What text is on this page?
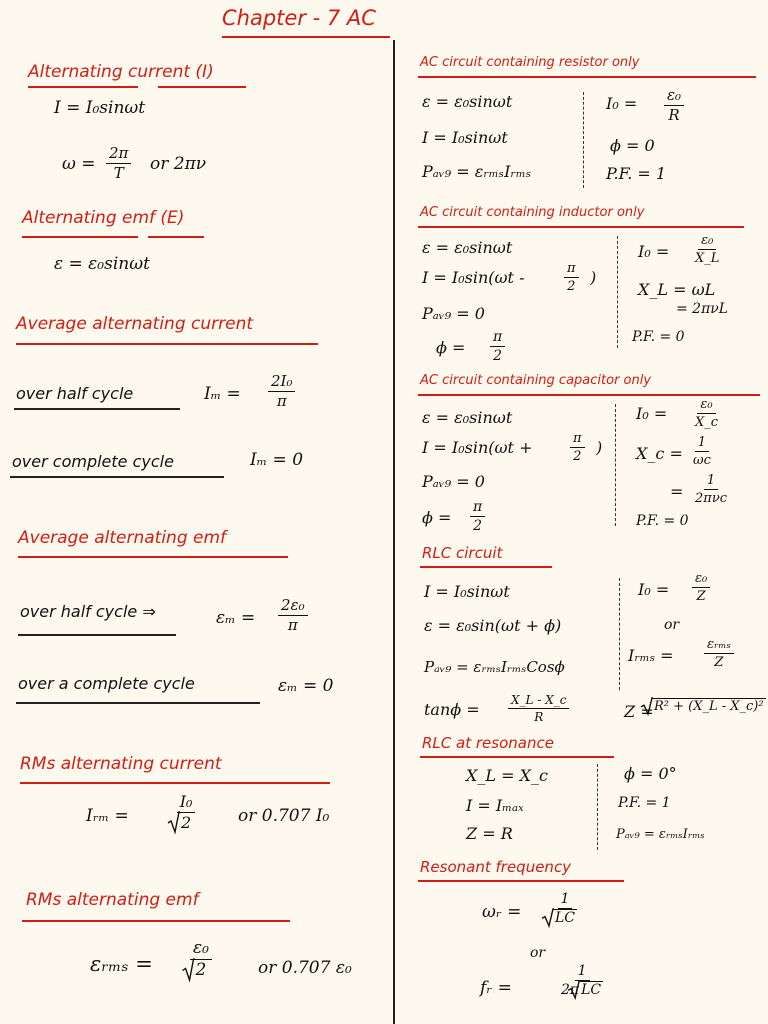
Chapter - 7 AC
Alternating current (I)
I = I₀sinωt
$\omega = \frac{2\pi}{T}$ or 2πν
Alternating emf (E)
ε = ε₀sinωt
Average alternating current
over half cycle	$I_m = \frac{\text{2I₀}}{\pi}$
over complete cycle	Iₘ = 0
Average alternating emf
over half cycle ⇒	$\varepsilon_m = \frac{\text{2ε₀}}{\pi}$
over a complete cycle	εₘ = 0
RMs alternating current
Iᵣₘ =	$\frac{\text{I₀}}{2}$ or 0.707 I₀
RMs alternating emf
εᵣₘₛ = $\frac{\text{ε₀}}{2}$	or 0.707 ε₀
AC circuit containing resistor only
ε = ε₀sinωt
I = I₀sinωt
Pₐᵥ₉ = εᵣₘₛIᵣₘₛ
$I_0 = \frac{\text{ε₀}}{R}$
ϕ = 0
P.F. = 1
AC circuit containing inductor only
ε = ε₀sinωt
I = I₀sin(ωt -	$\frac{\pi}{2}$ )
Pₐᵥ₉ = 0
$\phi = \frac{\pi}{2}$
$I_0 = \frac{\text{ε₀}}{X\_L}$
X_L = ωL
= 2πνL
P.F. = 0
AC circuit containing capacitor only
ε = ε₀sinωt
I = I₀sin(ωt +	$\frac{\pi}{2}$ )
Pₐᵥ₉ = 0
$\phi = \frac{\pi}{2}$
$I_0 = \frac{\text{ε₀}}{X\_c}$
X_c = $\frac{1}{\omega c}$
=
1
2πνc
P.F. = 0
RLC circuit
I = I₀sinωt
ε = ε₀sin(ωt + ϕ)
Pₐᵥ₉ = εᵣₘₛIᵣₘₛCosϕ
$\tan\phi = \frac{X\_L - X\_c}{R}$
$I_0 = \frac{\text{ε₀}}{Z}$
or
Iᵣₘₛ =
εᵣₘₛ
Z
Z = R² + (X_L - X_c)²
RLC at resonance
X_L = X_c
I = Iₘₐₓ
Z = R
ϕ = 0°
P.F. = 1
Pₐᵥ₉ = εᵣₘₛIᵣₘₛ
Resonant frequency
ωᵣ = $\frac{1}{LC}$
or
fᵣ =
1
2π LC
